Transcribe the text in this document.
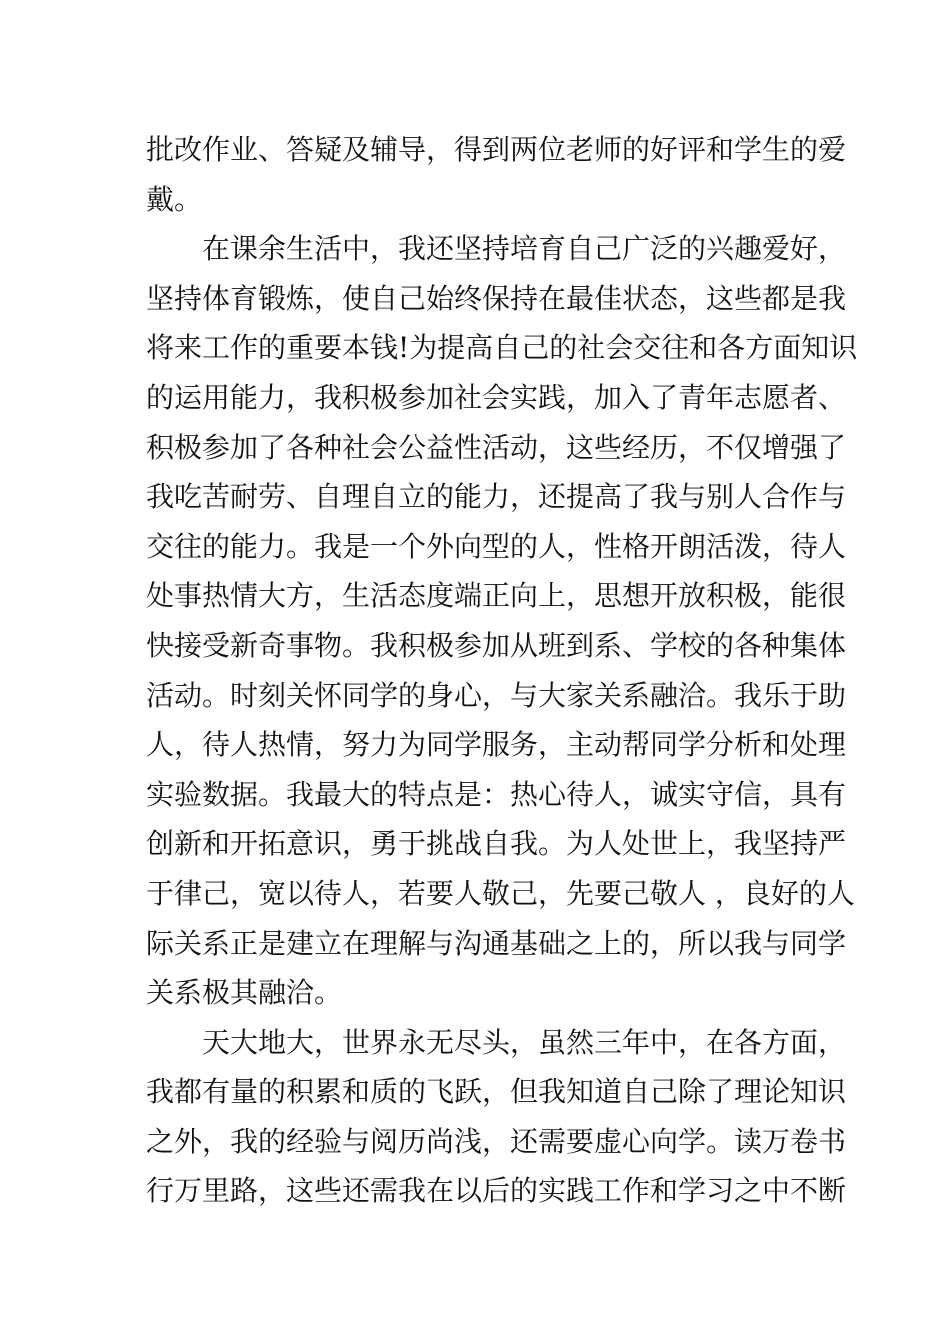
批改作业、答疑及辅导，得到两位老师的好评和学生的爱
戴。
在课余生活中，我还坚持培育自己广泛的兴趣爱好，
坚持体育锻炼，使自己始终保持在最佳状态，这些都是我
将来工作的重要本钱!为提高自己的社会交往和各方面知识
的运用能力，我积极参加社会实践，加入了青年志愿者、
积极参加了各种社会公益性活动，这些经历，不仅增强了
我吃苦耐劳、自理自立的能力，还提高了我与别人合作与
交往的能力。我是一个外向型的人，性格开朗活泼，待人
处事热情大方，生活态度端正向上，思想开放积极，能很
快接受新奇事物。我积极参加从班到系、学校的各种集体
活动。时刻关怀同学的身心，与大家关系融洽。我乐于助
人，待人热情，努力为同学服务，主动帮同学分析和处理
实验数据。我最大的特点是：热心待人，诚实守信，具有
创新和开拓意识，勇于挑战自我。为人处世上，我坚持严
于律己，宽以待人，若要人敬己，先要己敬人 ，良好的人
际关系正是建立在理解与沟通基础之上的，所以我与同学
关系极其融洽。
天大地大，世界永无尽头，虽然三年中，在各方面，
我都有量的积累和质的飞跃，但我知道自己除了理论知识
之外，我的经验与阅历尚浅，还需要虚心向学。读万卷书
行万里路，这些还需我在以后的实践工作和学习之中不断
